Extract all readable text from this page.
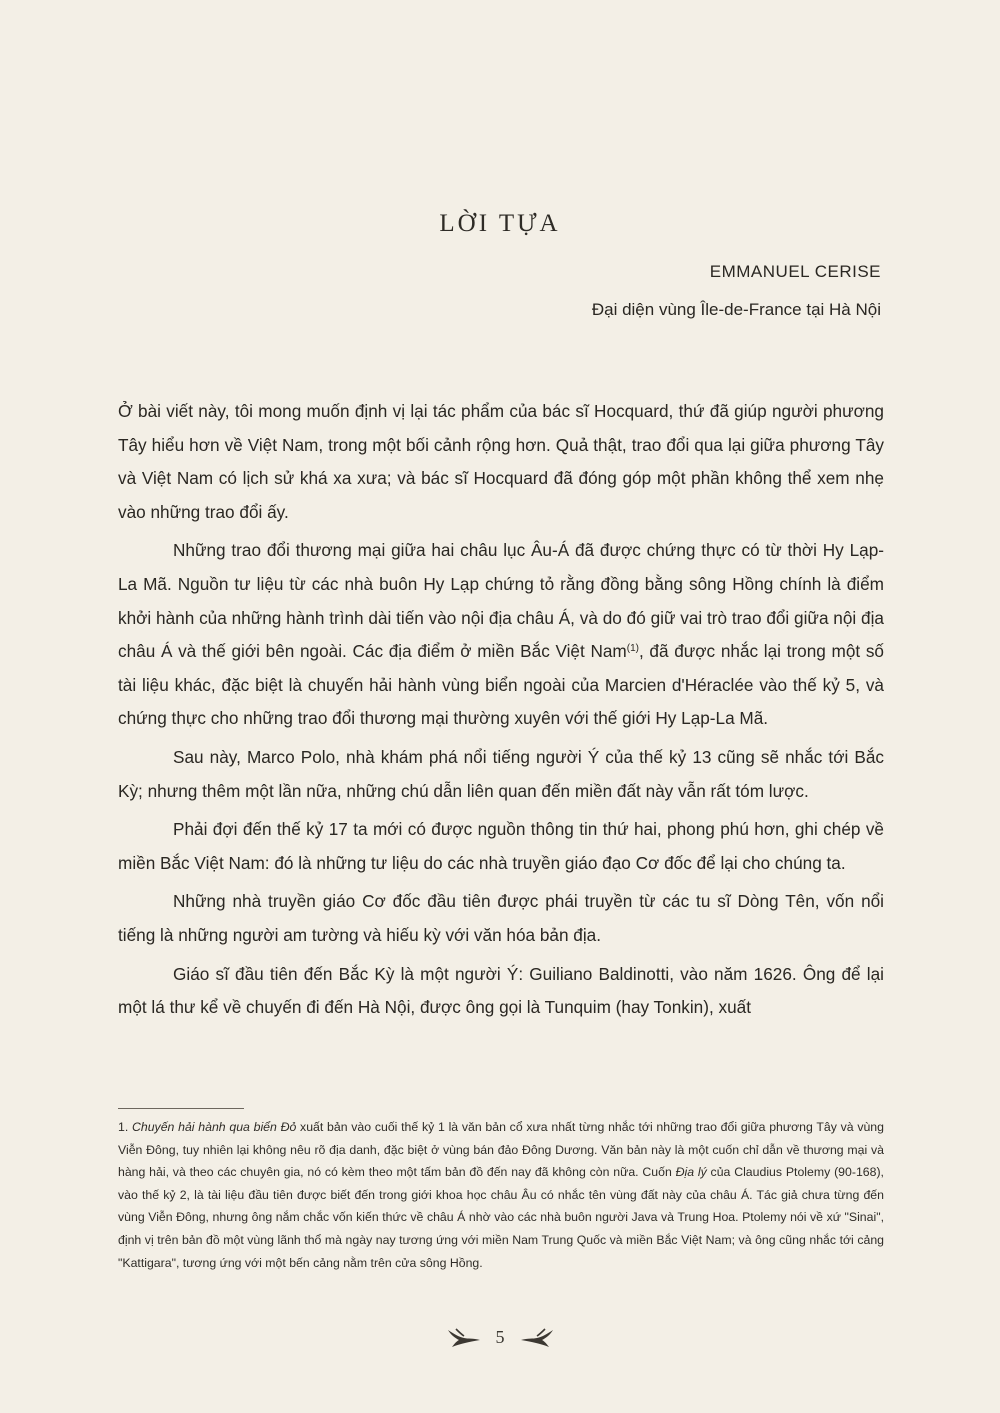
LỜI TỰA
EMMANUEL CERISE
Đại diện vùng Île-de-France tại Hà Nội

Ở bài viết này, tôi mong muốn định vị lại tác phẩm của bác sĩ Hocquard, thứ đã giúp người phương Tây hiểu hơn về Việt Nam, trong một bối cảnh rộng hơn. Quả thật, trao đổi qua lại giữa phương Tây và Việt Nam có lịch sử khá xa xưa; và bác sĩ Hocquard đã đóng góp một phần không thể xem nhẹ vào những trao đổi ấy.

Những trao đổi thương mại giữa hai châu lục Âu-Á đã được chứng thực có từ thời Hy Lạp-La Mã. Nguồn tư liệu từ các nhà buôn Hy Lạp chứng tỏ rằng đồng bằng sông Hồng chính là điểm khởi hành của những hành trình dài tiến vào nội địa châu Á, và do đó giữ vai trò trao đổi giữa nội địa châu Á và thế giới bên ngoài. Các địa điểm ở miền Bắc Việt Nam$^{(1)}$, đã được nhắc lại trong một số tài liệu khác, đặc biệt là chuyến hải hành vùng biển ngoài của Marcien d'Héraclée vào thế kỷ 5, và chứng thực cho những trao đổi thương mại thường xuyên với thế giới Hy Lạp-La Mã.

Sau này, Marco Polo, nhà khám phá nổi tiếng người Ý của thế kỷ 13 cũng sẽ nhắc tới Bắc Kỳ; nhưng thêm một lần nữa, những chú dẫn liên quan đến miền đất này vẫn rất tóm lược.

Phải đợi đến thế kỷ 17 ta mới có được nguồn thông tin thứ hai, phong phú hơn, ghi chép về miền Bắc Việt Nam: đó là những tư liệu do các nhà truyền giáo đạo Cơ đốc để lại cho chúng ta.

Những nhà truyền giáo Cơ đốc đầu tiên được phái truyền từ các tu sĩ Dòng Tên, vốn nổi tiếng là những người am tường và hiếu kỳ với văn hóa bản địa.

Giáo sĩ đầu tiên đến Bắc Kỳ là một người Ý: Guiliano Baldinotti, vào năm 1626. Ông để lại một lá thư kể về chuyến đi đến Hà Nội, được ông gọi là Tunquim (hay Tonkin), xuất

1. Chuyến hải hành qua biển Đỏ xuất bản vào cuối thế kỷ 1 là văn bản cổ xưa nhất từng nhắc tới những trao đổi giữa phương Tây và vùng Viễn Đông, tuy nhiên lại không nêu rõ địa danh, đặc biệt ở vùng bán đảo Đông Dương. Văn bản này là một cuốn chỉ dẫn về thương mại và hàng hải, và theo các chuyên gia, nó có kèm theo một tấm bản đồ đến nay đã không còn nữa. Cuốn Địa lý của Claudius Ptolemy (90-168), vào thế kỷ 2, là tài liệu đầu tiên được biết đến trong giới khoa học châu Âu có nhắc tên vùng đất này của châu Á. Tác giả chưa từng đến vùng Viễn Đông, nhưng ông nắm chắc vốn kiến thức về châu Á nhờ vào các nhà buôn người Java và Trung Hoa. Ptolemy nói về xứ "Sinai", định vị trên bản đồ một vùng lãnh thổ mà ngày nay tương ứng với miền Nam Trung Quốc và miền Bắc Việt Nam; và ông cũng nhắc tới cảng "Kattigara", tương ứng với một bến cảng nằm trên cửa sông Hồng.
5
